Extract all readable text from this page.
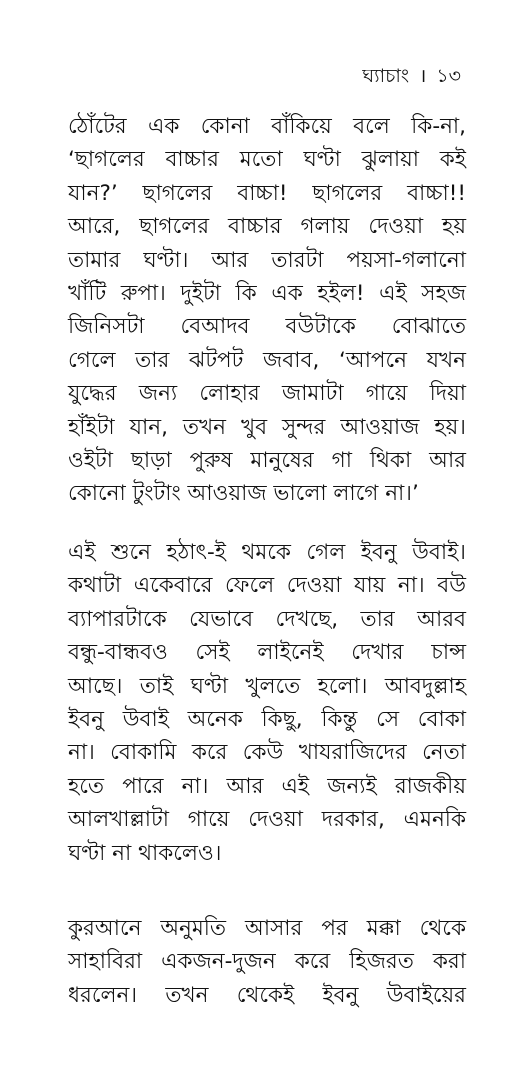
ঘ্যাচাং । ১৩
ঠোঁটের এক কোনা বাঁকিয়ে বলে কি-না,
‘ছাগলের বাচ্চার মতো ঘণ্টা ঝুলায়া কই
যান?’ ছাগলের বাচ্চা! ছাগলের বাচ্চা!!
আরে, ছাগলের বাচ্চার গলায় দেওয়া হয়
তামার ঘণ্টা। আর তারটা পয়সা-গলানো
খাঁটি রুপা। দুইটা কি এক হইল! এই সহজ
জিনিসটা বেআদব বউটাকে বোঝাতে
গেলে তার ঝটপট জবাব, ‘আপনে যখন
যুদ্ধের জন্য লোহার জামাটা গায়ে দিয়া
হাঁইটা যান, তখন খুব সুন্দর আওয়াজ হয়।
ওইটা ছাড়া পুরুষ মানুষের গা থিকা আর
কোনো টুংটাং আওয়াজ ভালো লাগে না।’
এই শুনে হঠাৎ-ই থমকে গেল ইবনু উবাই।
কথাটা একেবারে ফেলে দেওয়া যায় না। বউ
ব্যাপারটাকে যেভাবে দেখছে, তার আরব
বন্ধু-বান্ধবও সেই লাইনেই দেখার চান্স
আছে। তাই ঘণ্টা খুলতে হলো। আবদুল্লাহ
ইবনু উবাই অনেক কিছু, কিন্তু সে বোকা
না। বোকামি করে কেউ খাযরাজিদের নেতা
হতে পারে না। আর এই জন্যই রাজকীয়
আলখাল্লাটা গায়ে দেওয়া দরকার, এমনকি
ঘণ্টা না থাকলেও।
কুরআনে অনুমতি আসার পর মক্কা থেকে
সাহাবিরা একজন-দুজন করে হিজরত করা
ধরলেন। তখন থেকেই ইবনু উবাইয়ের
